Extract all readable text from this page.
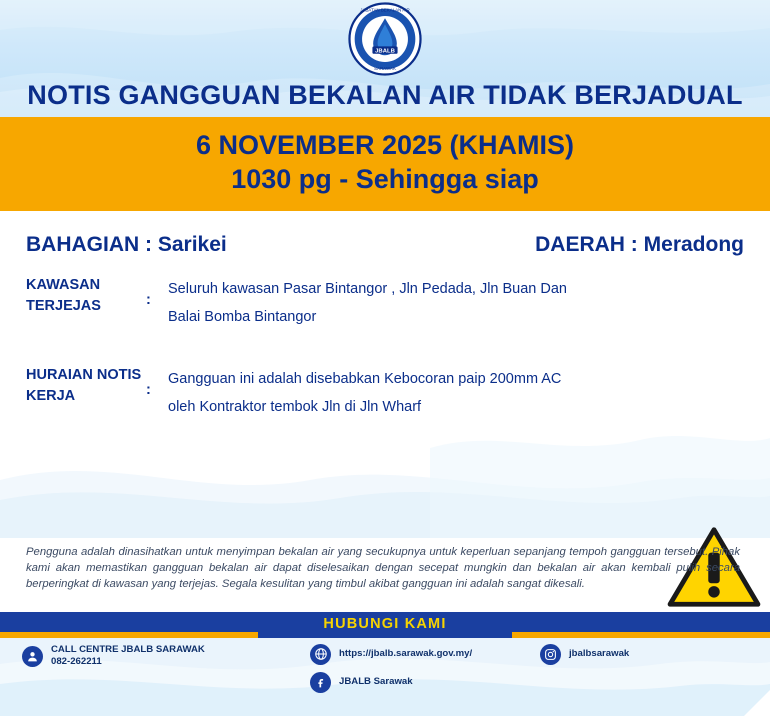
JBALB
JABATAN BEKALAN AIR
SARAWAK
NOTIS GANGGUAN BEKALAN AIR TIDAK BERJADUAL
6 NOVEMBER 2025 (KHAMIS)
1030 pg - Sehingga siap
BAHAGIAN : Sarikei	DAERAH : Meradong
KAWASAN
TERJEJAS	:
Seluruh kawasan Pasar Bintangor , Jln Pedada, Jln Buan Dan
Balai Bomba Bintangor
HURAIAN NOTIS
KERJA	:
Gangguan ini adalah disebabkan Kebocoran paip 200mm AC
oleh Kontraktor tembok Jln di Jln Wharf
Pengguna adalah dinasihatkan untuk menyimpan bekalan air yang secukupnya untuk keperluan sepanjang tempoh gangguan tersebut. Pihak kami akan memastikan gangguan bekalan air dapat diselesaikan dengan secepat mungkin dan bekalan air akan kembali pulih secara berperingkat di kawasan yang terjejas. Segala kesulitan yang timbul akibat gangguan ini adalah sangat dikesali.
HUBUNGI KAMI
CALL CENTRE JBALB SARAWAK
082-262211
https://jbalb.sarawak.gov.my/	jbalbsarawak
JBALB Sarawak
